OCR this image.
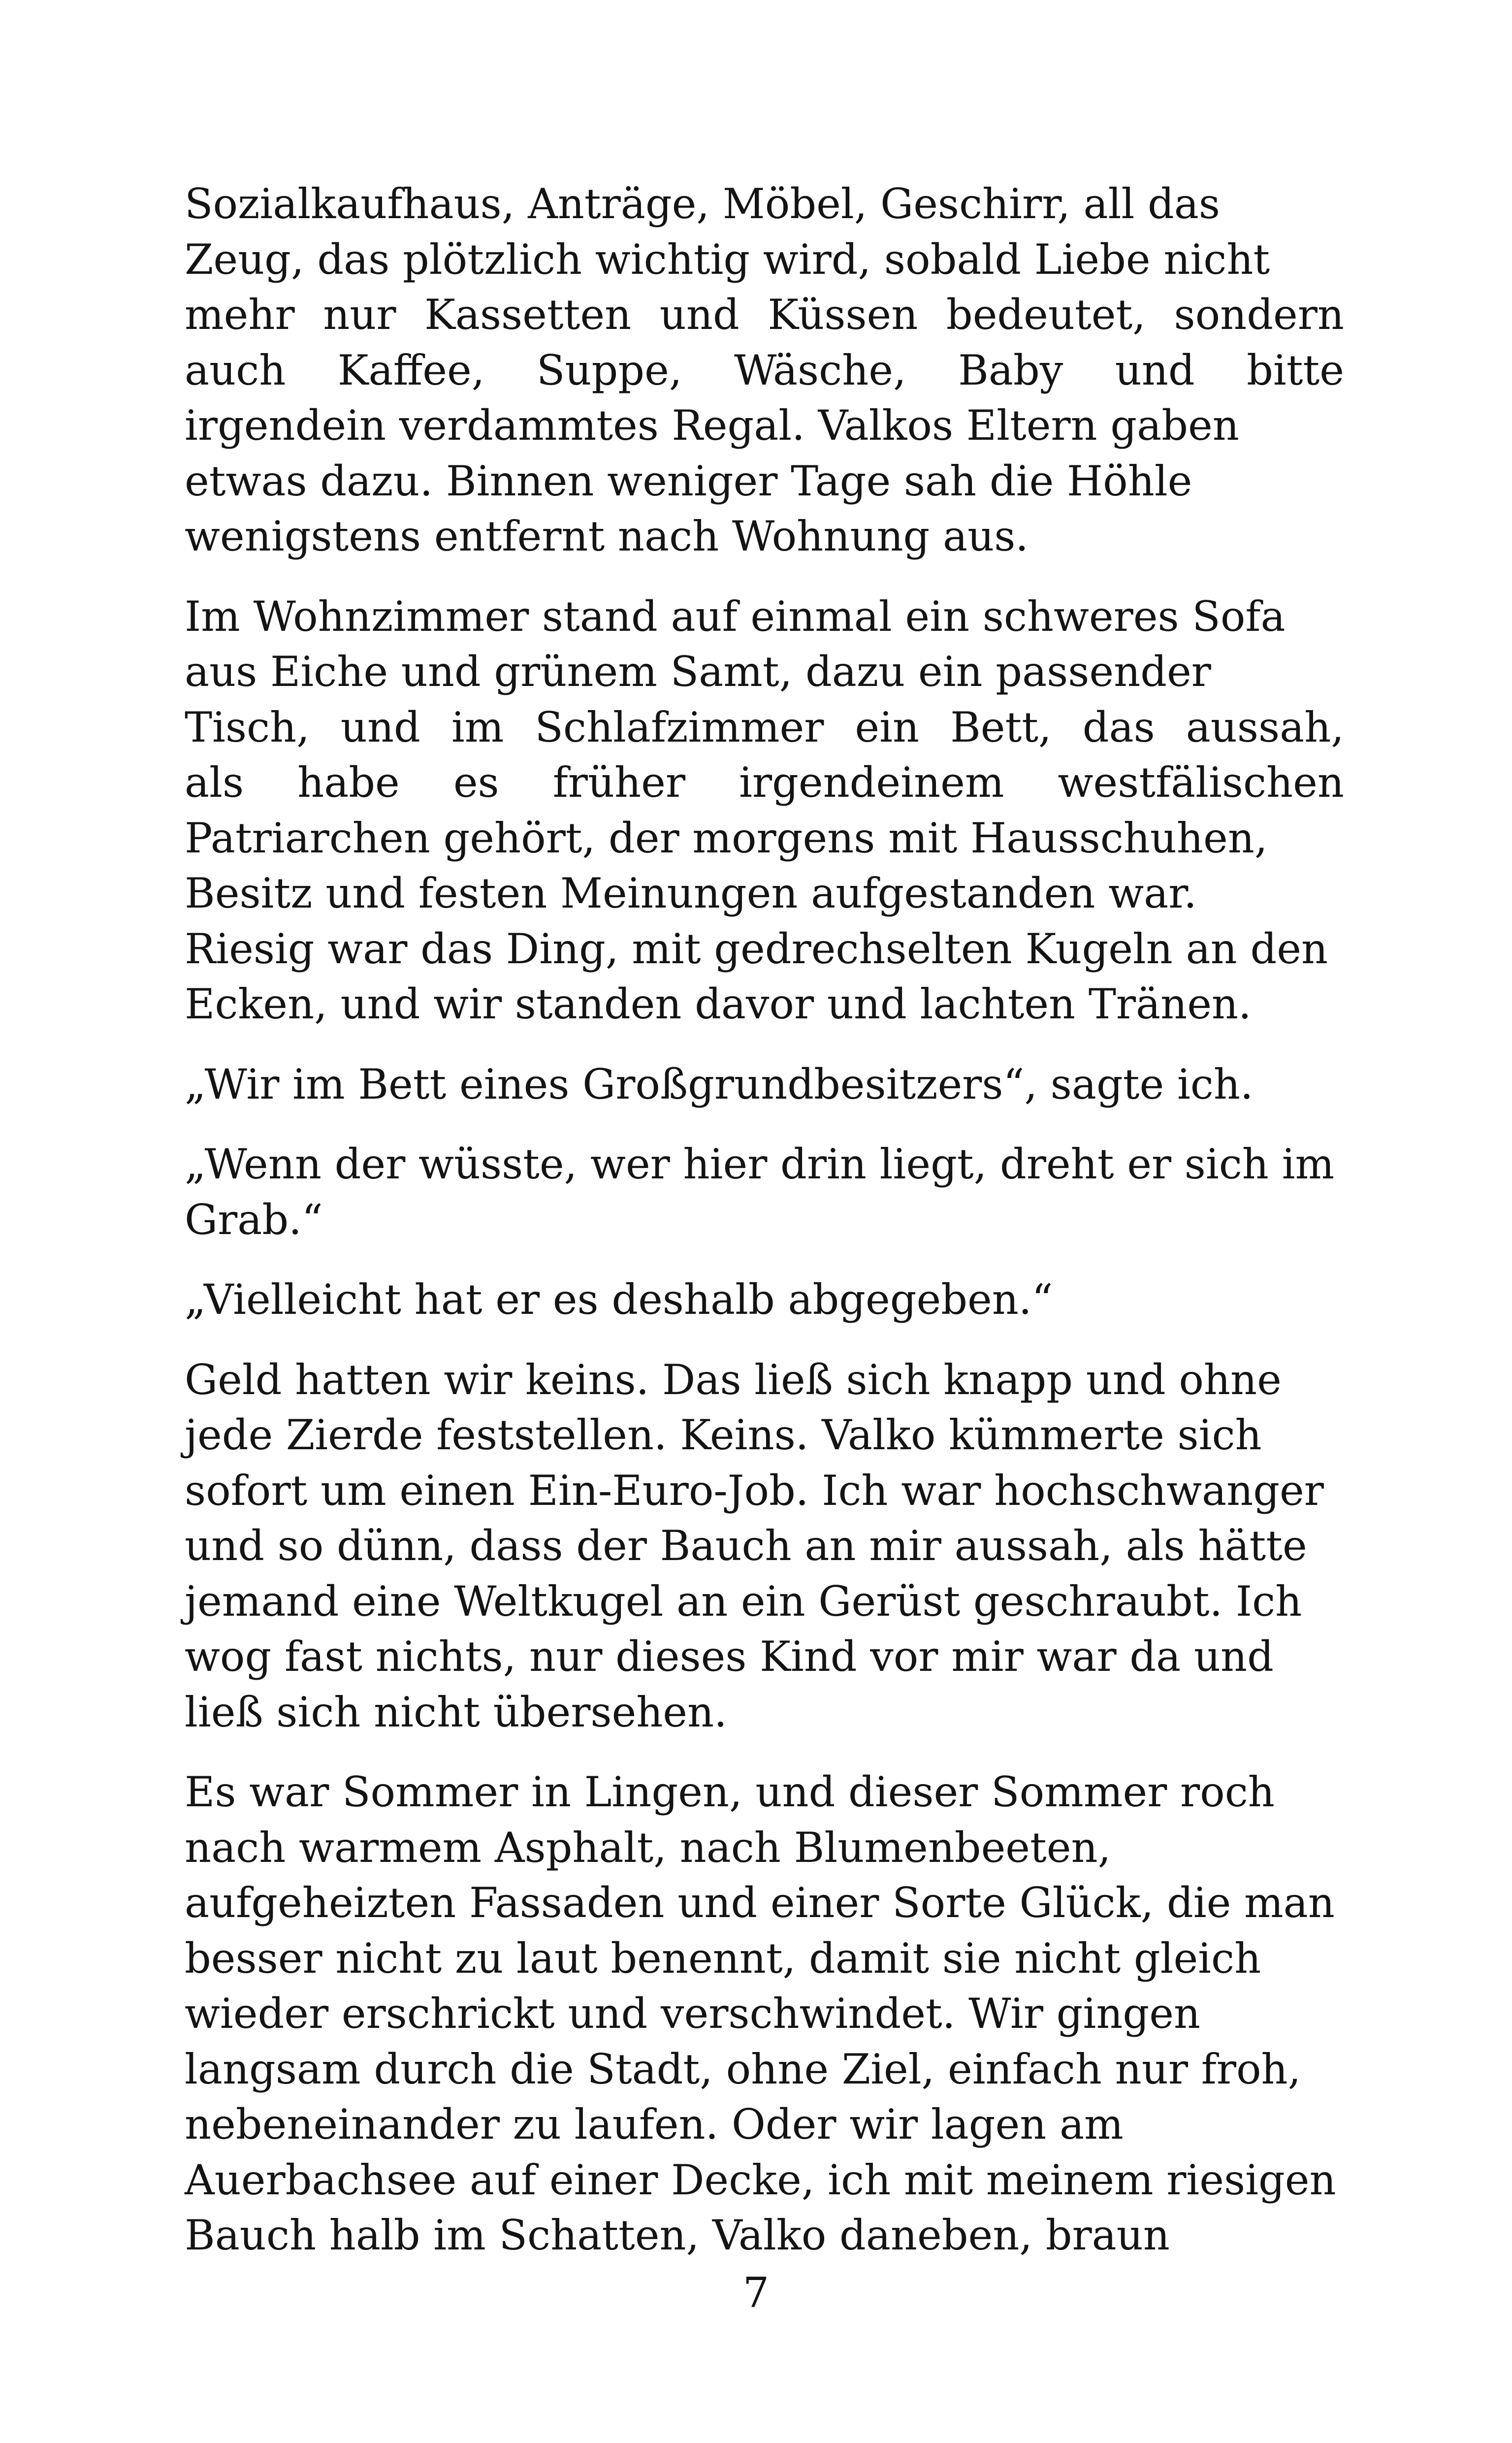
Sozialkaufhaus, Anträge, Möbel, Geschirr, all das
Zeug, das plötzlich wichtig wird, sobald Liebe nicht
mehr nur Kassetten und Küssen bedeutet, sondern
auch Kaffee, Suppe, Wäsche, Baby und bitte
irgendein verdammtes Regal. Valkos Eltern gaben
etwas dazu. Binnen weniger Tage sah die Höhle
wenigstens entfernt nach Wohnung aus.

Im Wohnzimmer stand auf einmal ein schweres Sofa
aus Eiche und grünem Samt, dazu ein passender
Tisch, und im Schlafzimmer ein Bett, das aussah,
als habe es früher irgendeinem westfälischen
Patriarchen gehört, der morgens mit Hausschuhen,
Besitz und festen Meinungen aufgestanden war.
Riesig war das Ding, mit gedrechselten Kugeln an den
Ecken, und wir standen davor und lachten Tränen.

„Wir im Bett eines Großgrundbesitzers“, sagte ich.

„Wenn der wüsste, wer hier drin liegt, dreht er sich im
Grab.“

„Vielleicht hat er es deshalb abgegeben.“

Geld hatten wir keins. Das ließ sich knapp und ohne
jede Zierde feststellen. Keins. Valko kümmerte sich
sofort um einen Ein-Euro-Job. Ich war hochschwanger
und so dünn, dass der Bauch an mir aussah, als hätte
jemand eine Weltkugel an ein Gerüst geschraubt. Ich
wog fast nichts, nur dieses Kind vor mir war da und
ließ sich nicht übersehen.

Es war Sommer in Lingen, und dieser Sommer roch
nach warmem Asphalt, nach Blumenbeeten,
aufgeheizten Fassaden und einer Sorte Glück, die man
besser nicht zu laut benennt, damit sie nicht gleich
wieder erschrickt und verschwindet. Wir gingen
langsam durch die Stadt, ohne Ziel, einfach nur froh,
nebeneinander zu laufen. Oder wir lagen am
Auerbachsee auf einer Decke, ich mit meinem riesigen
Bauch halb im Schatten, Valko daneben, braun

7
